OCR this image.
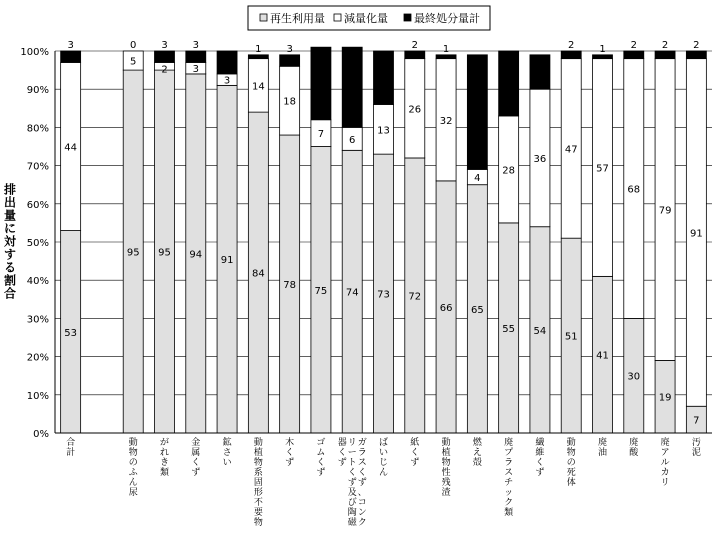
0%
10%
20%
30%
40%
50%
60%
70%
80%
90%
100%
合
計
動
物
の
ふ
ん
尿
が
れ
き
類
金
属
く
ず
鉱
さ
い
動
植
物
系
固
形
不
要
物
木
く
ず
ゴ
ム
く
ず
ガ
ラ
ス
く
ず
、
コ
ン
ク
リ
ー
ト
く
ず
及
び
陶
磁
器
く
ず
ば
い
じ
ん
紙
く
ず
動
植
物
性
残
渣
燃
え
殻
廃
プ
ラ
ス
チ
ッ
ク
類
繊
維
く
ず
動
物
の
死
体
廃
油
廃
酸
廃
ア
ル
カ
リ
汚
泥
53
44
3
95
5
0
95
2
3
94
3
3
91
3
6
84
14
1
78
18
3
75
7
19
74
6
21
73
13
14
72
26
2
66
32
1
65
4
30
55
28
17
54
36
9
51
47
2
41
57
1
30
68
2
19
79
2
7
91
2
再生利用量 減量化量 最終処分量計
排出量に対する割合
